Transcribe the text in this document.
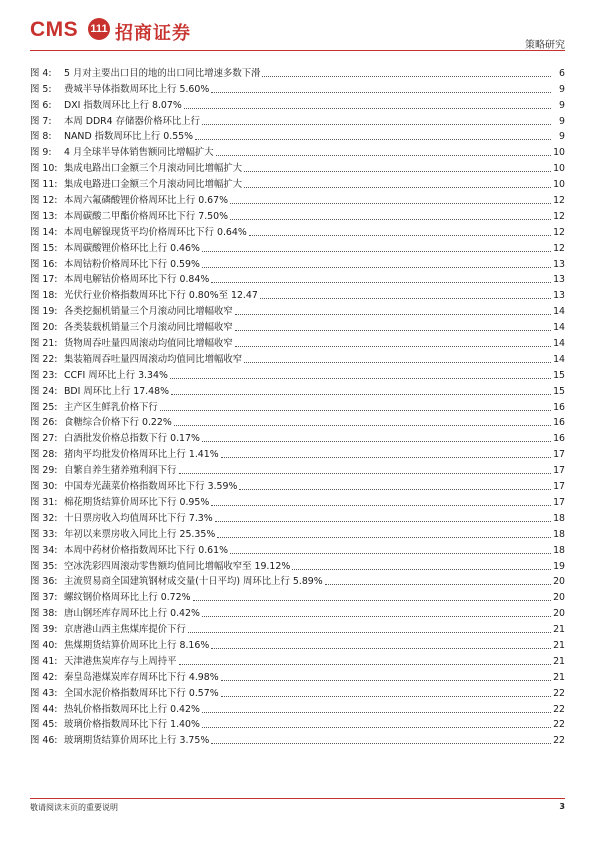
CMS 111 招商证券
策略研究
图 4:	5 月对主要出口目的地的出口同比增速多数下滑	6
图 5:	费城半导体指数周环比上行 5.60%	9
图 6:	DXI 指数周环比上行 8.07%	9
图 7:	本周 DDR4 存储器价格环比上行	9
图 8:	NAND 指数周环比上行 0.55%	9
图 9:	4 月全球半导体销售额同比增幅扩大	10
图 10: 集成电路出口金额三个月滚动同比增幅扩大	10
图 11: 集成电路进口金额三个月滚动同比增幅扩大	10
图 12: 本周六氟磷酸锂价格周环比上行 0.67%	12
图 13: 本周碳酸二甲酯价格周环比下行 7.50%	12
图 14: 本周电解镍现货平均价格周环比下行 0.64%	12
图 15: 本周碳酸锂价格环比上行 0.46%	12
图 16: 本周钴粉价格周环比下行 0.59%	13
图 17: 本周电解钴价格周环比下行 0.84%	13
图 18: 光伏行业价格指数周环比下行 0.80%至 12.47	13
图 19: 各类挖掘机销量三个月滚动同比增幅收窄	14
图 20: 各类装载机销量三个月滚动同比增幅收窄	14
图 21: 货物周吞吐量四周滚动均值同比增幅收窄	14
图 22: 集装箱周吞吐量四周滚动均值同比增幅收窄	14
图 23: CCFI 周环比上行 3.34%	15
图 24: BDI 周环比上行 17.48%	15
图 25: 主产区生鲜乳价格下行	16
图 26: 食糖综合价格下行 0.22%	16
图 27: 白酒批发价格总指数下行 0.17%	16
图 28: 猪肉平均批发价格周环比上行 1.41%	17
图 29: 自繁自养生猪养殖利润下行	17
图 30: 中国寿光蔬菜价格指数周环比下行 3.59%	17
图 31: 棉花期货结算价周环比下行 0.95%	17
图 32: 十日票房收入均值周环比下行 7.3%	18
图 33: 年初以来票房收入同比上行 25.35%	18
图 34: 本周中药材价格指数周环比下行 0.61%	18
图 35: 空冰洗彩四周滚动零售额均值同比增幅收窄至 19.12%	19
图 36: 主流贸易商全国建筑钢材成交量(十日平均) 周环比上行 5.89%	20
图 37: 螺纹钢价格周环比上行 0.72%	20
图 38: 唐山钢坯库存周环比上行 0.42%	20
图 39: 京唐港山西主焦煤库提价下行	21
图 40: 焦煤期货结算价周环比上行 8.16%	21
图 41: 天津港焦炭库存与上周持平	21
图 42: 秦皇岛港煤炭库存周环比下行 4.98%	21
图 43: 全国水泥价格指数周环比下行 0.57%	22
图 44: 热轧价格指数周环比上行 0.42%	22
图 45: 玻璃价格指数周环比下行 1.40%	22
图 46: 玻璃期货结算价周环比上行 3.75%	22
敬请阅读末页的重要说明	3
